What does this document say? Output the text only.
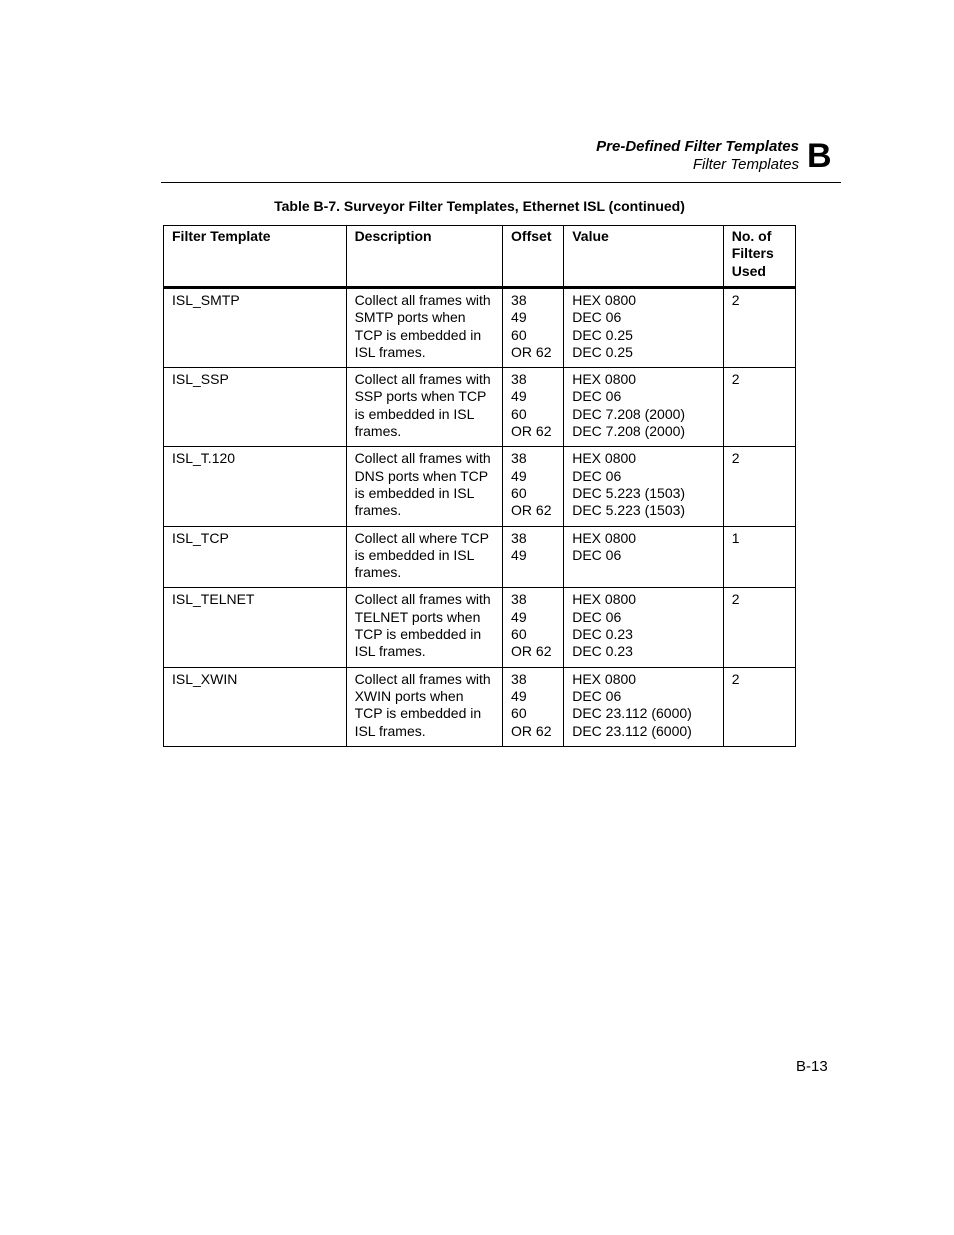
Pre-Defined Filter Templates
Filter Templates B
Table B-7. Surveyor Filter Templates, Ethernet ISL (continued)
Filter Template	Description	Offset	Value	No. of Filters Used
ISL_SMTP	Collect all frames with
SMTP ports when
TCP is embedded in
ISL frames.	38
49
60
OR 62	HEX 0800
DEC 06
DEC 0.25
DEC 0.25	2
ISL_SSP	Collect all frames with
SSP ports when TCP
is embedded in ISL
frames.	38
49
60
OR 62	HEX 0800
DEC 06
DEC 7.208 (2000)
DEC 7.208 (2000)	2
ISL_T.120	Collect all frames with
DNS ports when TCP
is embedded in ISL
frames.	38
49
60
OR 62	HEX 0800
DEC 06
DEC 5.223 (1503)
DEC 5.223 (1503)	2
ISL_TCP	Collect all where TCP
is embedded in ISL
frames.	38
49	HEX 0800
DEC 06	1
ISL_TELNET	Collect all frames with
TELNET ports when
TCP is embedded in
ISL frames.	38
49
60
OR 62	HEX 0800
DEC 06
DEC 0.23
DEC 0.23	2
ISL_XWIN	Collect all frames with
XWIN ports when
TCP is embedded in
ISL frames.	38
49
60
OR 62	HEX 0800
DEC 06
DEC 23.112 (6000)
DEC 23.112 (6000)	2
B-13
